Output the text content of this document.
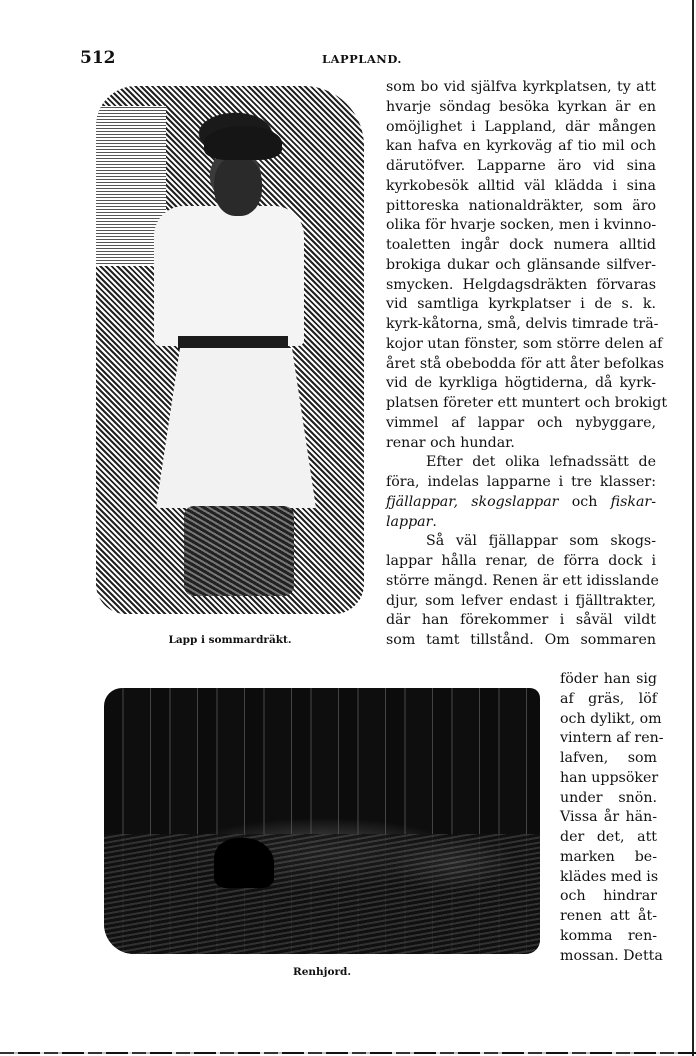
512	LAPPLAND.
Lapp i sommardräkt.
Renhjord.
som bo vid själfva kyrkplatsen, ty att
hvarje söndag besöka kyrkan är en
omöjlighet i Lappland, där mången
kan hafva en kyrkoväg af tio mil och
därutöfver. Lapparne äro vid sina
kyrkobesök alltid väl klädda i sina
pittoreska nationaldräkter, som äro
olika för hvarje socken, men i kvinno-
toaletten ingår dock numera alltid
brokiga dukar och glänsande silfver-
smycken. Helgdagsdräkten förvaras
vid samtliga kyrkplatser i de s. k.
kyrk-kåtorna, små, delvis timrade trä-
kojor utan fönster, som större delen af
året stå obebodda för att åter befolkas
vid de kyrkliga högtiderna, då kyrk-
platsen företer ett muntert och brokigt
vimmel af lappar och nybyggare,
renar och hundar.
Efter det olika lefnadssätt de
föra, indelas lapparne i tre klasser:
fjällappar, skogslappar och fiskar-
lappar.
Så väl fjällappar som skogs-
lappar hålla renar, de förra dock i
större mängd. Renen är ett idisslande
djur, som lefver endast i fjälltrakter,
där han förekommer i såväl vildt
som tamt tillstånd. Om sommaren
föder han sig
af gräs, löf
och dylikt, om
vintern af ren-
lafven, som
han uppsöker
under snön.
Vissa år hän-
der det, att
marken be-
klädes med is
och hindrar
renen att åt-
komma ren-
mossan. Detta
